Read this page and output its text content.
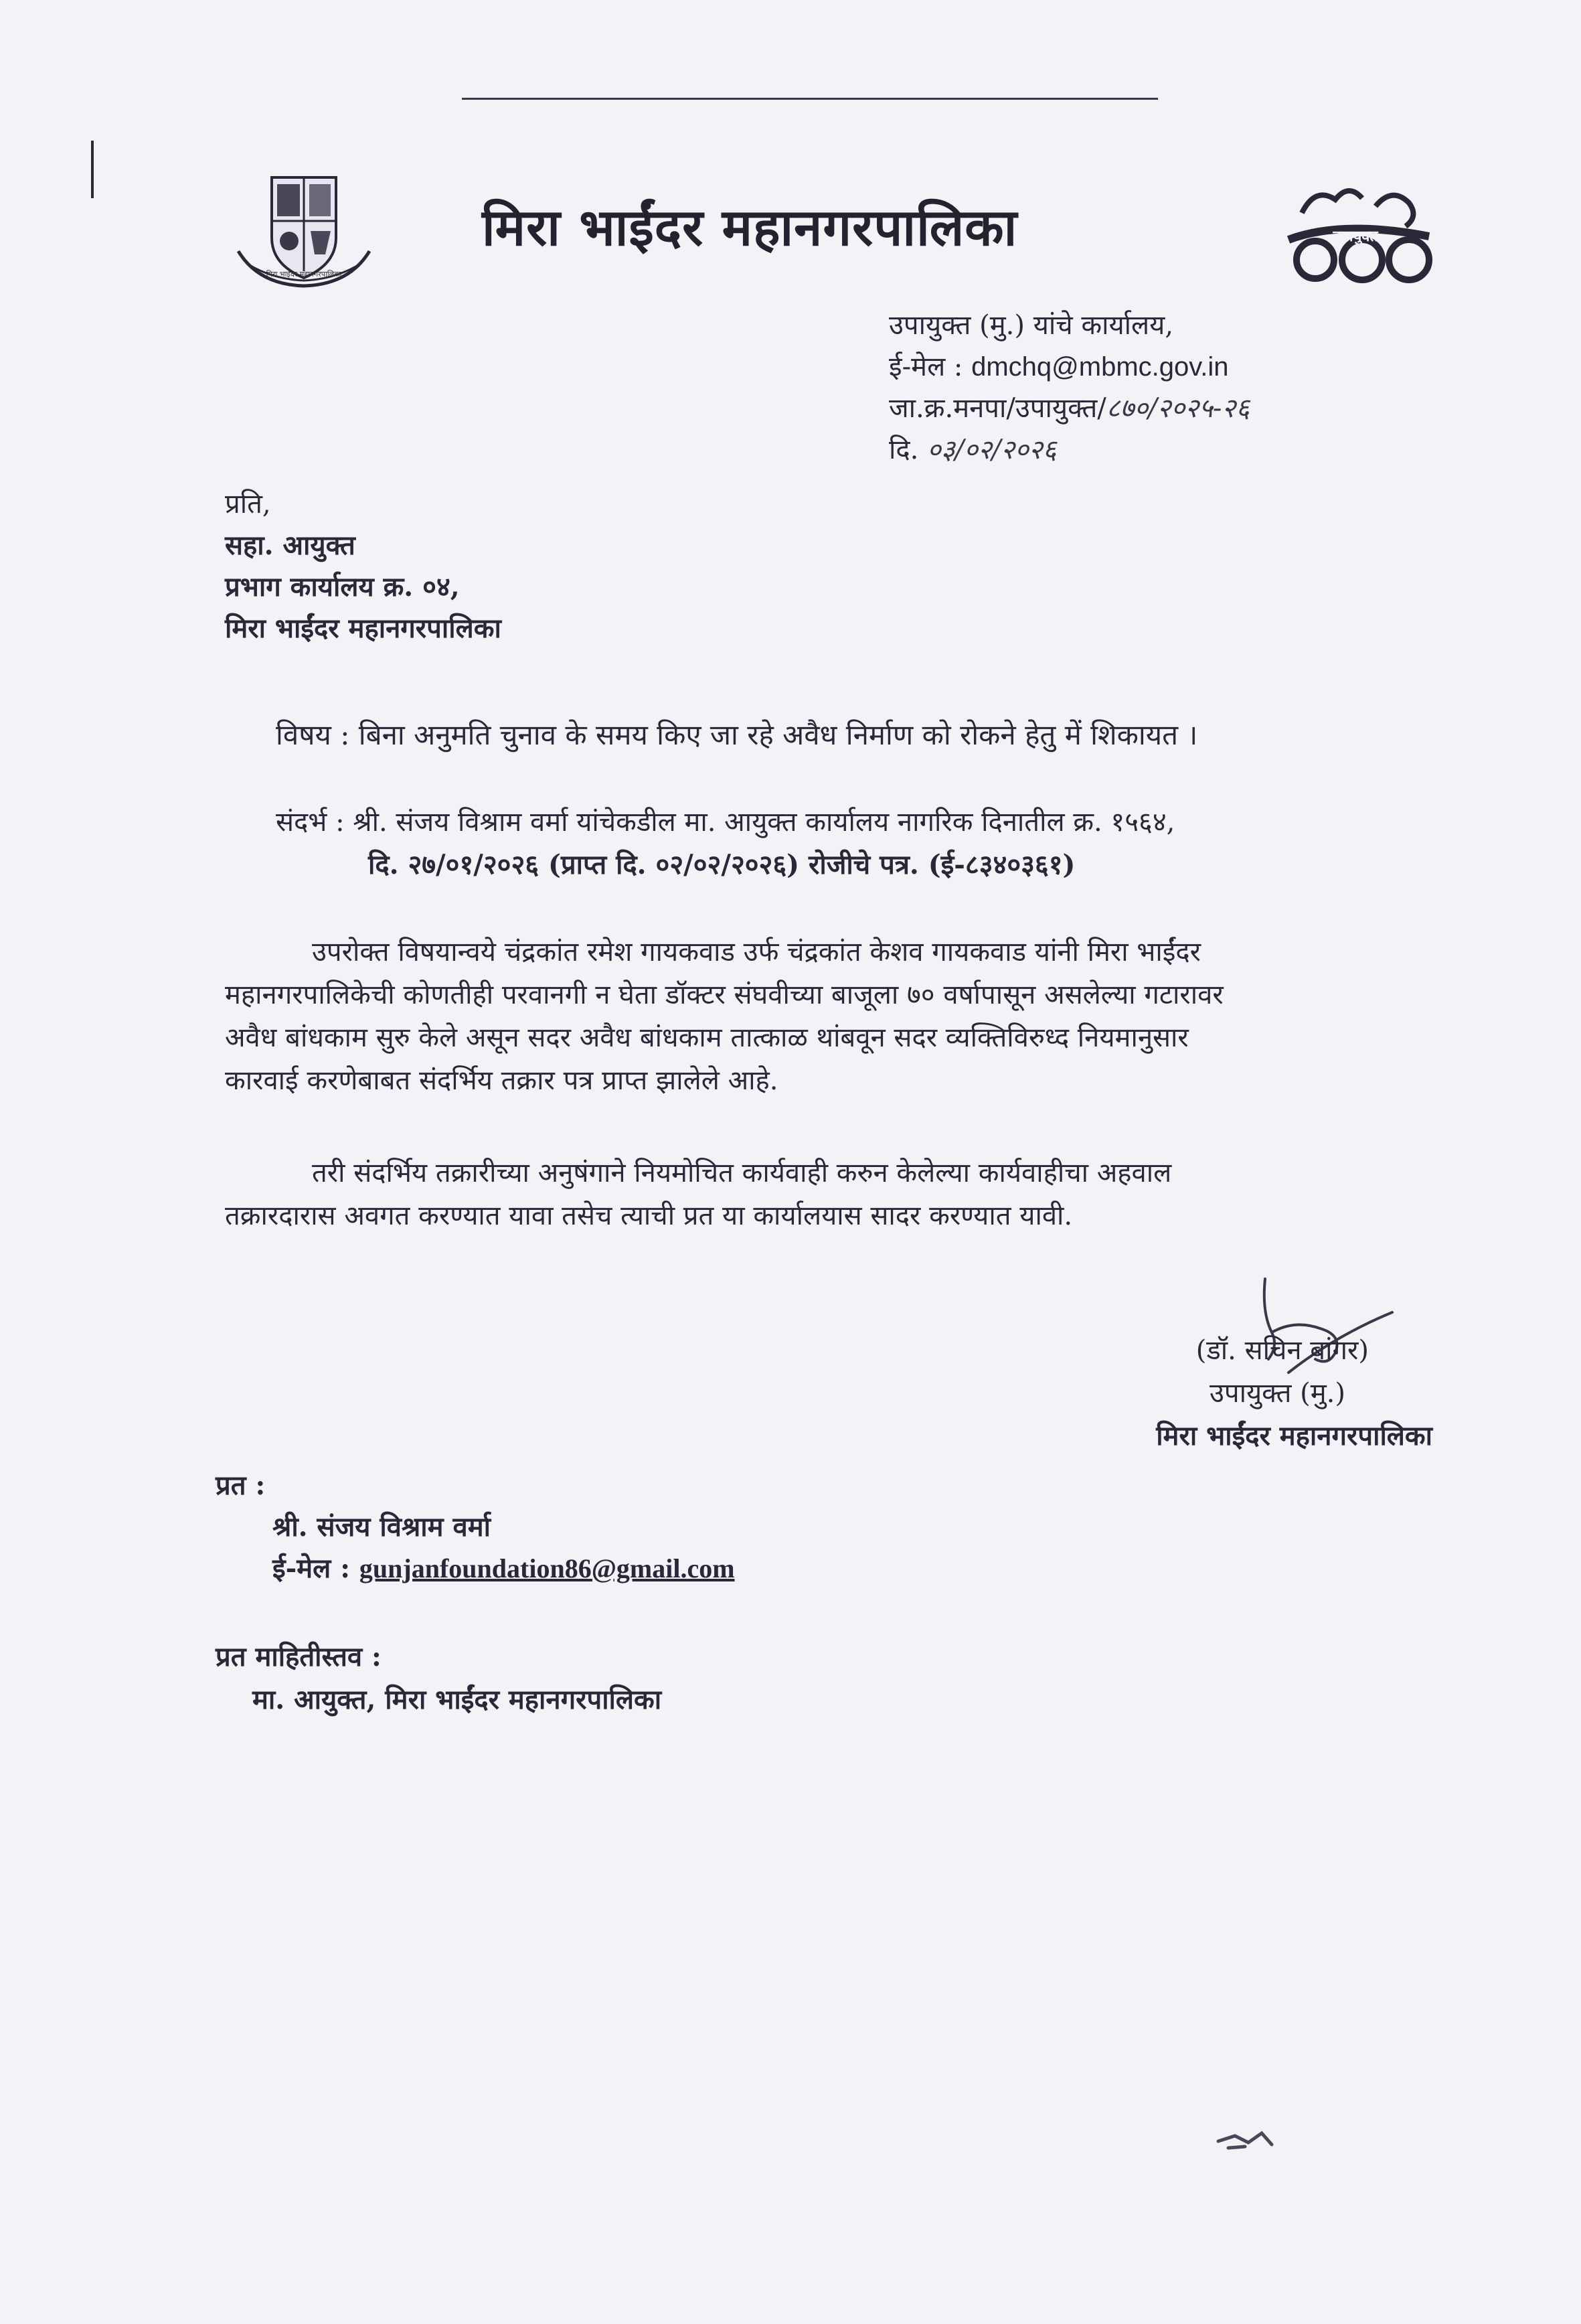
मिरा भाईंदर महानगरपालिका
मिरा भाईंदर महानगरपालिका	उपायुक्त
उपायुक्त (मु.) यांचे कार्यालय,
ई-मेल : dmchq@mbmc.gov.in
जा.क्र.मनपा/उपायुक्त/८७०/२०२५-२६
दि. ०३/०२/२०२६
प्रति,
सहा. आयुक्त
प्रभाग कार्यालय क्र. ०४,
मिरा भाईंदर महानगरपालिका
विषय : बिना अनुमति चुनाव के समय किए जा रहे अवैध निर्माण को रोकने हेतु में शिकायत ।
संदर्भ : श्री. संजय विश्राम वर्मा यांचेकडील मा. आयुक्त कार्यालय नागरिक दिनातील क्र. १५६४,
दि. २७/०१/२०२६ (प्राप्त दि. ०२/०२/२०२६) रोजीचे पत्र. (ई-८३४०३६१)
उपरोक्त विषयान्वये चंद्रकांत रमेश गायकवाड उर्फ चंद्रकांत केशव गायकवाड यांनी मिरा भाईंदर
महानगरपालिकेची कोणतीही परवानगी न घेता डॉक्टर संघवीच्या बाजूला ७० वर्षापासून असलेल्या गटारावर
अवैध बांधकाम सुरु केले असून सदर अवैध बांधकाम तात्काळ थांबवून सदर व्यक्तिविरुध्द नियमानुसार
कारवाई करणेबाबत संदर्भिय तक्रार पत्र प्राप्त झालेले आहे.
तरी संदर्भिय तक्रारीच्या अनुषंगाने नियमोचित कार्यवाही करुन केलेल्या कार्यवाहीचा अहवाल
तक्रारदारास अवगत करण्यात यावा तसेच त्याची प्रत या कार्यालयास सादर करण्यात यावी.
(डॉ. सचिन बांगर)
उपायुक्त (मु.)
मिरा भाईंदर महानगरपालिका
प्रत :
श्री. संजय विश्राम वर्मा
ई-मेल : gunjanfoundation86@gmail.com
प्रत माहितीस्तव :
मा. आयुक्त, मिरा भाईंदर महानगरपालिका
